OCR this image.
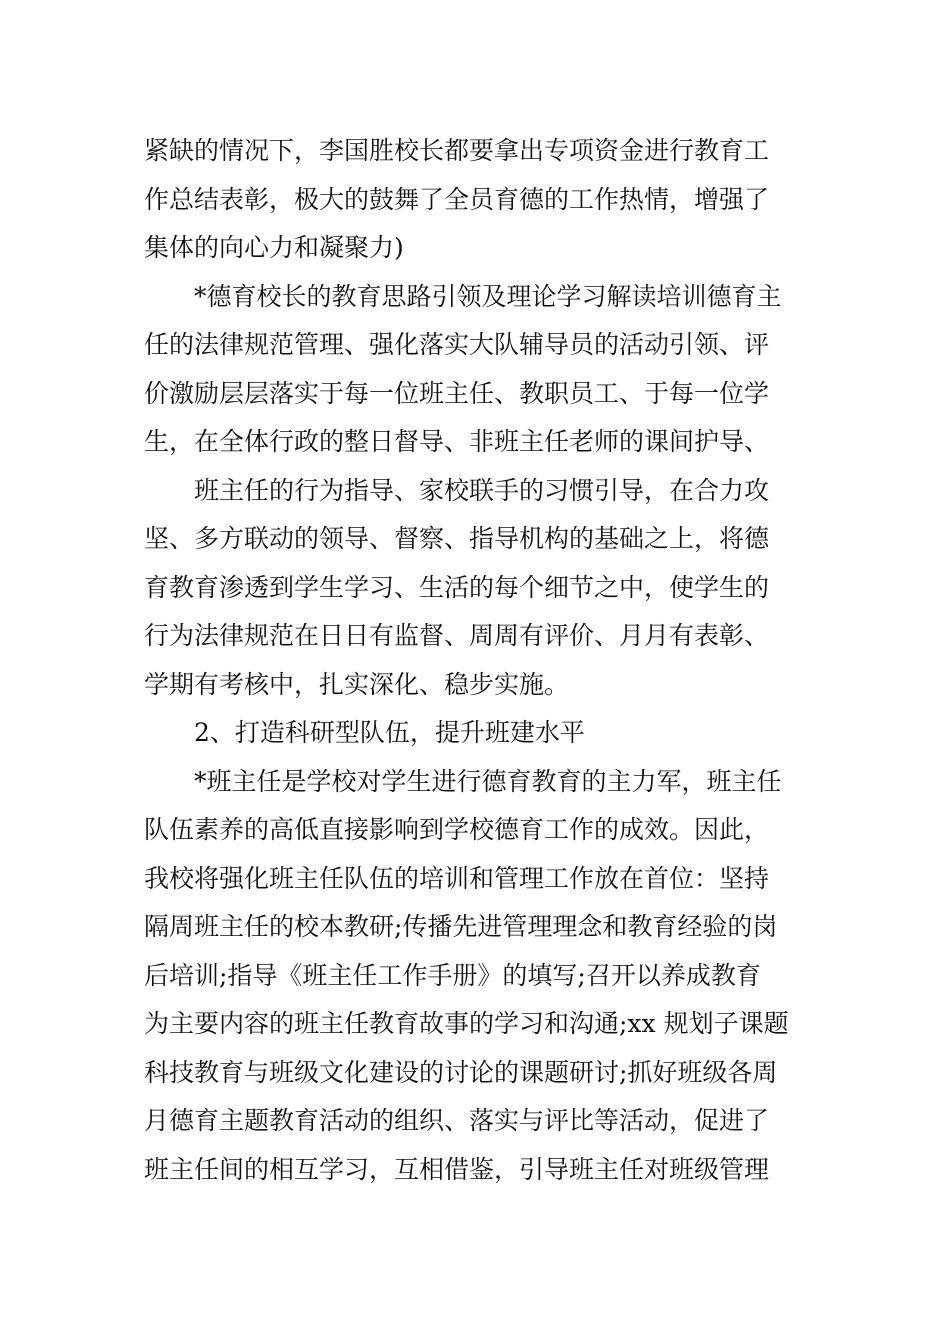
紧缺的情况下，李国胜校长都要拿出专项资金进行教育工
作总结表彰，极大的鼓舞了全员育德的工作热情，增强了
集体的向心力和凝聚力)
*德育校长的教育思路引领及理论学习解读培训德育主
任的法律规范管理、强化落实大队辅导员的活动引领、评
价激励层层落实于每一位班主任、教职员工、于每一位学
生，在全体行政的整日督导、非班主任老师的课间护导、
班主任的行为指导、家校联手的习惯引导，在合力攻
坚、多方联动的领导、督察、指导机构的基础之上，将德
育教育渗透到学生学习、生活的每个细节之中，使学生的
行为法律规范在日日有监督、周周有评价、月月有表彰、
学期有考核中，扎实深化、稳步实施。
2、打造科研型队伍，提升班建水平
*班主任是学校对学生进行德育教育的主力军，班主任
队伍素养的高低直接影响到学校德育工作的成效。因此，
我校将强化班主任队伍的培训和管理工作放在首位：坚持
隔周班主任的校本教研;传播先进管理理念和教育经验的岗
后培训;指导《班主任工作手册》的填写;召开以养成教育
为主要内容的班主任教育故事的学习和沟通;xx 规划子课题
科技教育与班级文化建设的讨论的课题研讨;抓好班级各周
月德育主题教育活动的组织、落实与评比等活动，促进了
班主任间的相互学习，互相借鉴，引导班主任对班级管理
